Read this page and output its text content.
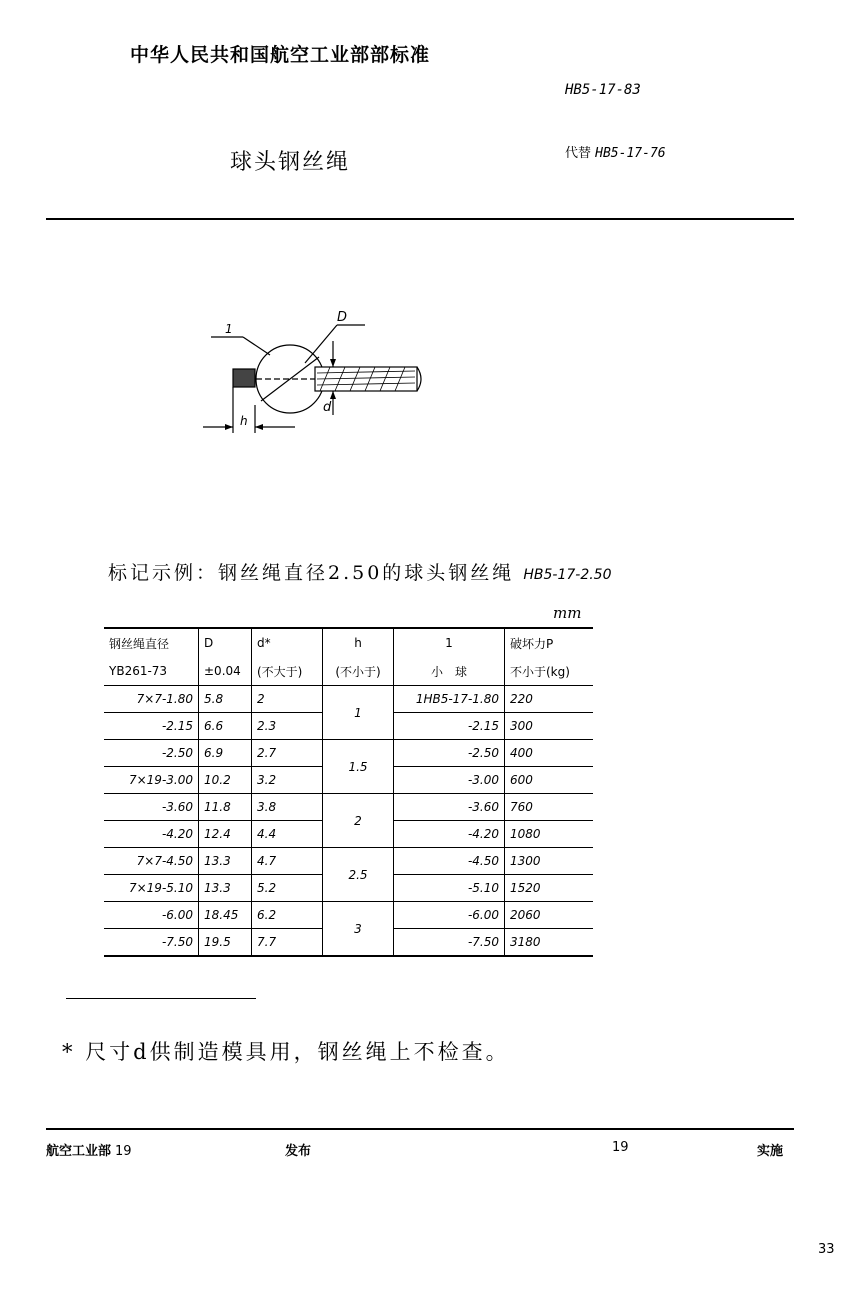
中华人民共和国航空工业部部标准
HB5-17-83
球头钢丝绳	代替 HB5-17-76
1
D
d
h
标记示例：钢丝绳直径2.50的球头钢丝绳 HB5-17-2.50
mm
钢丝绳直径	D	d*	h	1	破坏力P
YB261-73	±0.04	(不大于)	(不小于)	小　球	不小于(kg)
7×7-1.80	5.8	2	1	1HB5-17-1.80	220
-2.15	6.6	2.3		-2.15	300
-2.50	6.9	2.7	1.5	-2.50	400
7×19-3.00	10.2	3.2		-3.00	600
-3.60	11.8	3.8	2	-3.60	760
-4.20	12.4	4.4		-4.20	1080
7×7-4.50	13.3	4.7	2.5	-4.50	1300
7×19-5.10	13.3	5.2		-5.10	1520
-6.00	18.45	6.2	3	-6.00	2060
-7.50	19.5	7.7		-7.50	3180
* 尺寸d供制造模具用，钢丝绳上不检查。
航空工业部 19	发布	19	实施
33
